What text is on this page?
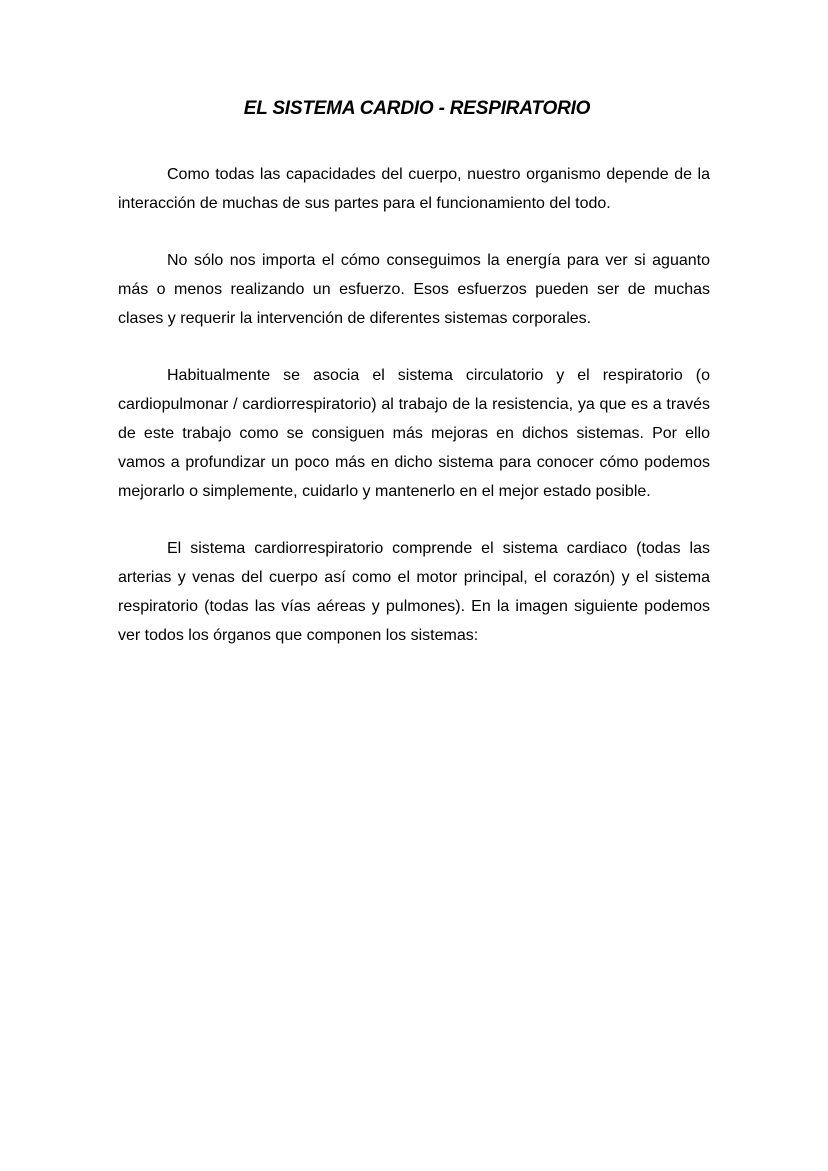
EL SISTEMA CARDIO - RESPIRATORIO

Como todas las capacidades del cuerpo, nuestro organismo depende de la interacción de muchas de sus partes para el funcionamiento del todo.

No sólo nos importa el cómo conseguimos la energía para ver si aguanto más o menos realizando un esfuerzo. Esos esfuerzos pueden ser de muchas clases y requerir la intervención de diferentes sistemas corporales.

Habitualmente se asocia el sistema circulatorio y el respiratorio (o cardiopulmonar / cardiorrespiratorio) al trabajo de la resistencia, ya que es a través de este trabajo como se consiguen más mejoras en dichos sistemas. Por ello vamos a profundizar un poco más en dicho sistema para conocer cómo podemos mejorarlo o simplemente, cuidarlo y mantenerlo en el mejor estado posible.

El sistema cardiorrespiratorio comprende el sistema cardiaco (todas las arterias y venas del cuerpo así como el motor principal, el corazón) y el sistema respiratorio (todas las vías aéreas y pulmones). En la imagen siguiente podemos ver todos los órganos que componen los sistemas:
